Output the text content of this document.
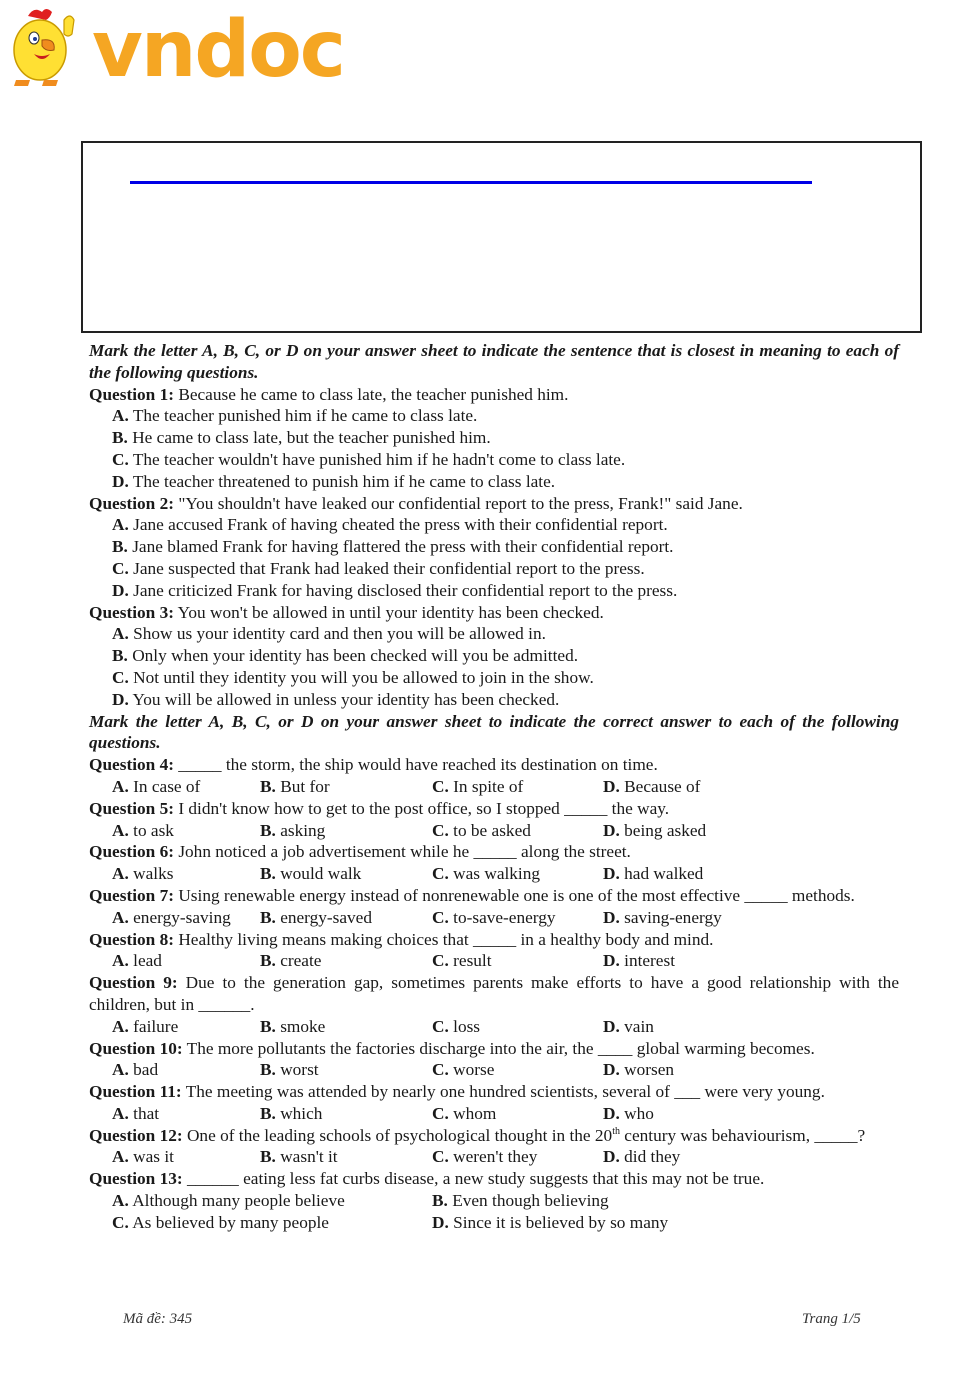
vndoc
Mark the letter A, B, C, or D on your answer sheet to indicate the sentence that is closest in meaning to each of the following questions.
Question 1: Because he came to class late, the teacher punished him.
A. The teacher punished him if he came to class late.
B. He came to class late, but the teacher punished him.
C. The teacher wouldn't have punished him if he hadn't come to class late.
D. The teacher threatened to punish him if he came to class late.
Question 2: "You shouldn't have leaked our confidential report to the press, Frank!" said Jane.
A. Jane accused Frank of having cheated the press with their confidential report.
B. Jane blamed Frank for having flattered the press with their confidential report.
C. Jane suspected that Frank had leaked their confidential report to the press.
D. Jane criticized Frank for having disclosed their confidential report to the press.
Question 3: You won't be allowed in until your identity has been checked.
A. Show us your identity card and then you will be allowed in.
B. Only when your identity has been checked will you be admitted.
C. Not until they identity you will you be allowed to join in the show.
D. You will be allowed in unless your identity has been checked.
Mark the letter A, B, C, or D on your answer sheet to indicate the correct answer to each of the following questions.
Question 4: _____ the storm, the ship would have reached its destination on time.
A. In case of	B. But for	C. In spite of	D. Because of
Question 5: I didn't know how to get to the post office, so I stopped _____ the way.
A. to ask	B. asking	C. to be asked	D. being asked
Question 6: John noticed a job advertisement while he _____ along the street.
A. walks	B. would walk	C. was walking	D. had walked
Question 7: Using renewable energy instead of nonrenewable one is one of the most effective _____ methods.
A. energy-saving B. energy-saved	C. to-save-energy	D. saving-energy
Question 8: Healthy living means making choices that _____ in a healthy body and mind.
A. lead	B. create	C. result	D. interest
Question 9: Due to the generation gap, sometimes parents make efforts to have a good relationship with the children, but in ______.
A. failure	B. smoke	C. loss	D. vain
Question 10: The more pollutants the factories discharge into the air, the ____ global warming becomes.
A. bad	B. worst	C. worse	D. worsen
Question 11: The meeting was attended by nearly one hundred scientists, several of ___ were very young.
A. that	B. which	C. whom	D. who
Question 12: One of the leading schools of psychological thought in the 20th century was behaviourism, _____?
A. was it	B. wasn't it	C. weren't they	D. did they
Question 13: ______ eating less fat curbs disease, a new study suggests that this may not be true.
A. Although many people believe	B. Even though believing
C. As believed by many people	D. Since it is believed by so many
Mã đề: 345	Trang 1/5
